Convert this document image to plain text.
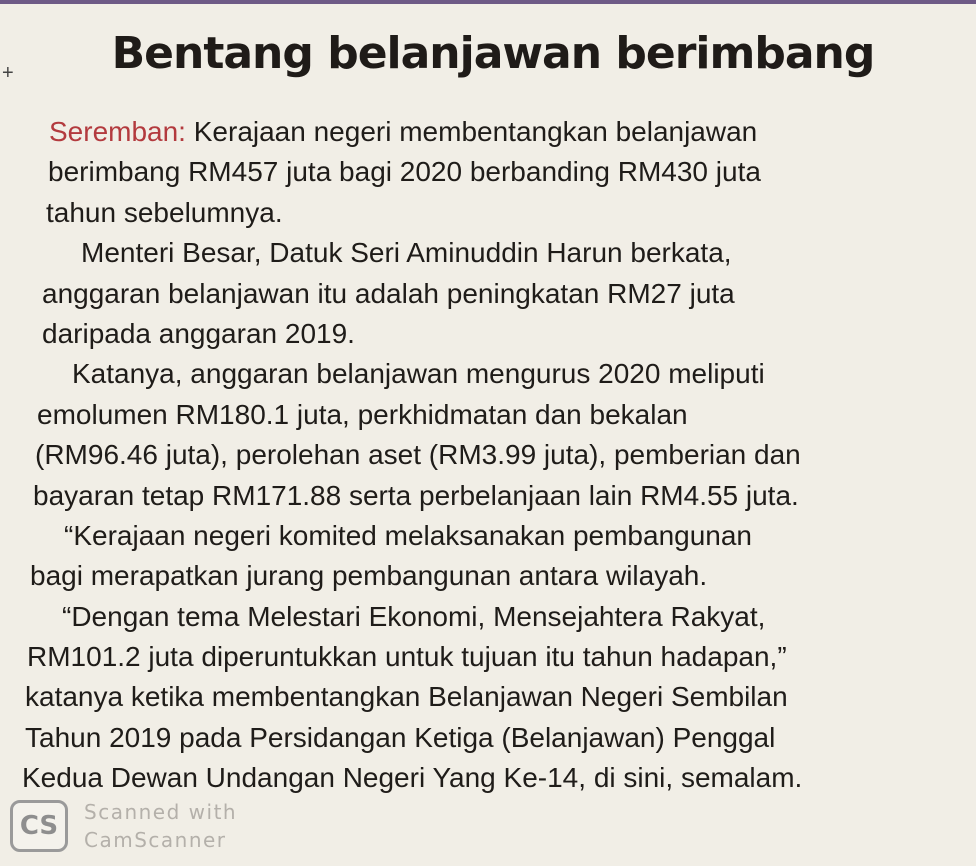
+	Bentang belanjawan berimbang
Seremban: Kerajaan negeri membentangkan belanjawan
berimbang RM457 juta bagi 2020 berbanding RM430 juta
tahun sebelumnya.
Menteri Besar, Datuk Seri Aminuddin Harun berkata,
anggaran belanjawan itu adalah peningkatan RM27 juta
daripada anggaran 2019.
Katanya, anggaran belanjawan mengurus 2020 meliputi
emolumen RM180.1 juta, perkhidmatan dan bekalan
(RM96.46 juta), perolehan aset (RM3.99 juta), pemberian dan
bayaran tetap RM171.88 serta perbelanjaan lain RM4.55 juta.
“Kerajaan negeri komited melaksanakan pembangunan
bagi merapatkan jurang pembangunan antara wilayah.
“Dengan tema Melestari Ekonomi, Mensejahtera Rakyat,
RM101.2 juta diperuntukkan untuk tujuan itu tahun hadapan,”
katanya ketika membentangkan Belanjawan Negeri Sembilan
Tahun 2019 pada Persidangan Ketiga (Belanjawan) Penggal
Kedua Dewan Undangan Negeri Yang Ke-14, di sini, semalam.
CS	Scanned with
CamScanner
